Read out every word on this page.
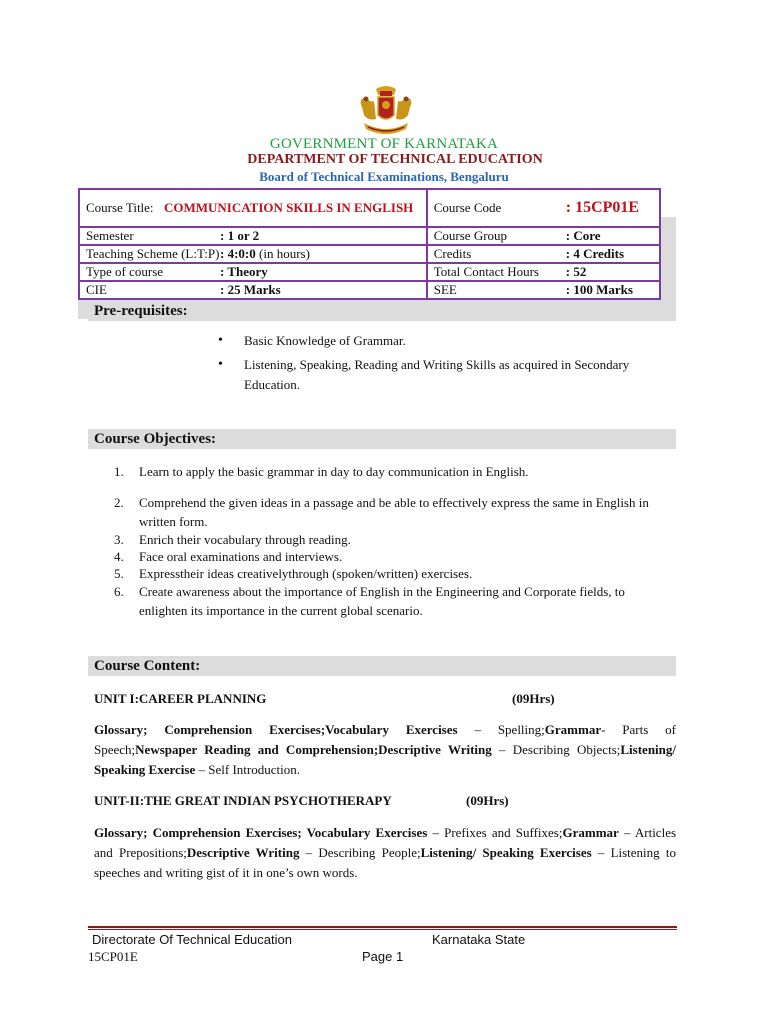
GOVERNMENT OF KARNATAKA
DEPARTMENT OF TECHNICAL EDUCATION
Board of Technical Examinations, Bengaluru
Course Title: COMMUNICATION SKILLS IN ENGLISH	Course Code : 15CP01E
Semester : 1 or 2	Course Group : Core
Teaching Scheme (L:T:P): 4:0:0 (in hours)	Credits : 4 Credits
Type of course : Theory	Total Contact Hours : 52
CIE : 25 Marks	SEE : 100 Marks
Pre-requisites:
• Basic Knowledge of Grammar.
• Listening, Speaking, Reading and Writing Skills as acquired in Secondary Education.
Course Objectives:
1. Learn to apply the basic grammar in day to day communication in English.
2. Comprehend the given ideas in a passage and be able to effectively express the same in English in written form.
3. Enrich their vocabulary through reading.
4. Face oral examinations and interviews.
5. Expresstheir ideas creativelythrough (spoken/written) exercises.
6. Create awareness about the importance of English in the Engineering and Corporate fields, to enlighten its importance in the current global scenario.
Course Content:
UNIT I:CAREER PLANNING	(09Hrs)
Glossary; Comprehension Exercises;Vocabulary Exercises – Spelling;Grammar- Parts of Speech;Newspaper Reading and Comprehension;Descriptive Writing – Describing Objects;Listening/ Speaking Exercise – Self Introduction.
UNIT-II:THE GREAT INDIAN PSYCHOTHERAPY	(09Hrs)
Glossary; Comprehension Exercises; Vocabulary Exercises – Prefixes and Suffixes;Grammar – Articles and Prepositions;Descriptive Writing – Describing People;Listening/ Speaking Exercises – Listening to speeches and writing gist of it in one’s own words.
Directorate Of Technical Education	Karnataka State
15CP01E	Page 1
